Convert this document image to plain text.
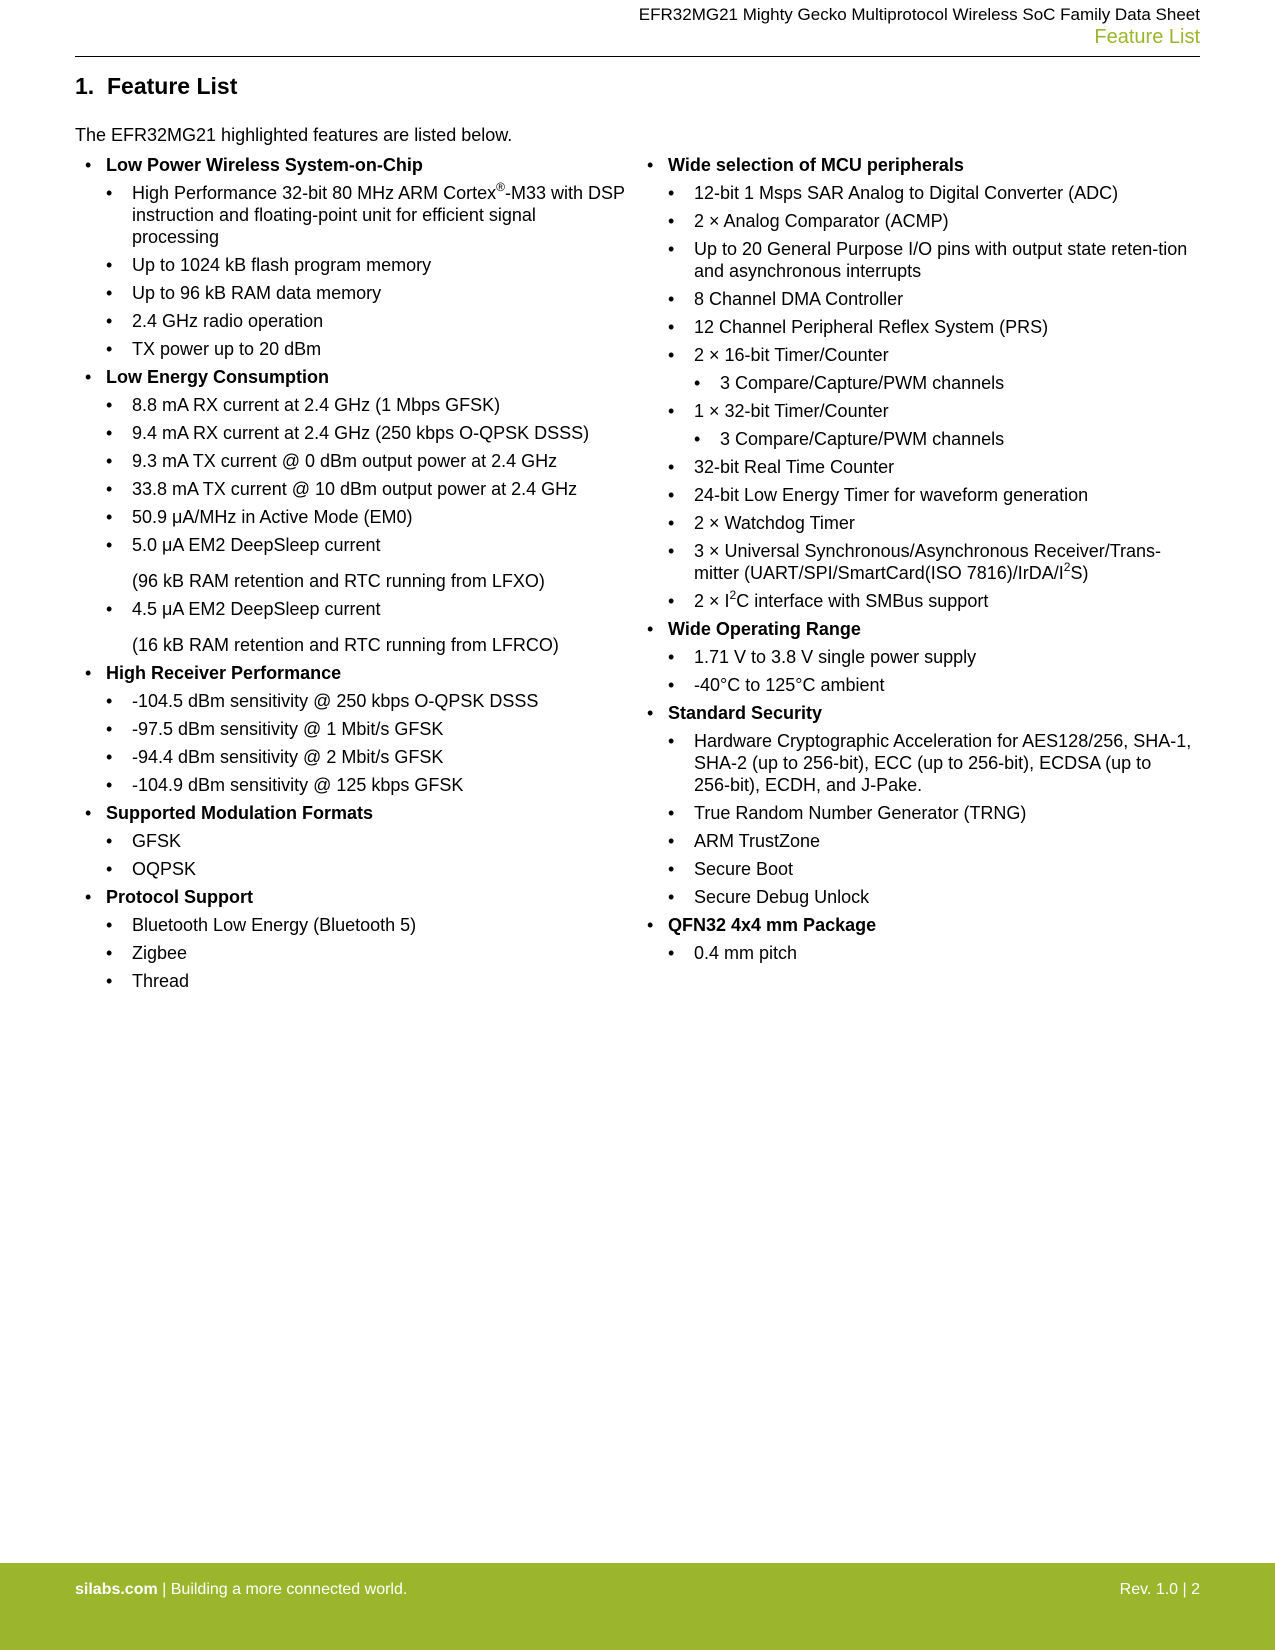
EFR32MG21 Mighty Gecko Multiprotocol Wireless SoC Family Data Sheet
Feature List
1. Feature List
The EFR32MG21 highlighted features are listed below.
• Low Power Wireless System-on-Chip
• High Performance 32-bit 80 MHz ARM Cortex®-M33 with DSP instruction and floating-point unit for efficient signal processing
• Up to 1024 kB flash program memory
• Up to 96 kB RAM data memory
• 2.4 GHz radio operation
• TX power up to 20 dBm
• Low Energy Consumption
• 8.8 mA RX current at 2.4 GHz (1 Mbps GFSK)
• 9.4 mA RX current at 2.4 GHz (250 kbps O-QPSK DSSS)
• 9.3 mA TX current @ 0 dBm output power at 2.4 GHz
• 33.8 mA TX current @ 10 dBm output power at 2.4 GHz
• 50.9 μA/MHz in Active Mode (EM0)
• 5.0 μA EM2 DeepSleep current
(96 kB RAM retention and RTC running from LFXO)
• 4.5 μA EM2 DeepSleep current
(16 kB RAM retention and RTC running from LFRCO)
• High Receiver Performance
• -104.5 dBm sensitivity @ 250 kbps O-QPSK DSSS
• -97.5 dBm sensitivity @ 1 Mbit/s GFSK
• -94.4 dBm sensitivity @ 2 Mbit/s GFSK
• -104.9 dBm sensitivity @ 125 kbps GFSK
• Supported Modulation Formats
• GFSK
• OQPSK
• Protocol Support
• Bluetooth Low Energy (Bluetooth 5)
• Zigbee
• Thread
• Wide selection of MCU peripherals
• 12-bit 1 Msps SAR Analog to Digital Converter (ADC)
• 2 × Analog Comparator (ACMP)
• Up to 20 General Purpose I/O pins with output state reten-tion and asynchronous interrupts
• 8 Channel DMA Controller
• 12 Channel Peripheral Reflex System (PRS)
• 2 × 16-bit Timer/Counter
• 3 Compare/Capture/PWM channels
• 1 × 32-bit Timer/Counter
• 3 Compare/Capture/PWM channels
• 32-bit Real Time Counter
• 24-bit Low Energy Timer for waveform generation
• 2 × Watchdog Timer
• 3 × Universal Synchronous/Asynchronous Receiver/Trans-mitter (UART/SPI/SmartCard(ISO $7816)/IrDA/I^2S$)
• $2 \times I^2C$ interface with SMBus support
• Wide Operating Range
• 1.71 V to 3.8 V single power supply
• -40°C to 125°C ambient
• Standard Security
• Hardware Cryptographic Acceleration for AES128/256, SHA-1, SHA-2 (up to 256-bit), ECC (up to 256-bit), ECDSA (up to 256-bit), ECDH, and J-Pake.
• True Random Number Generator (TRNG)
• ARM TrustZone
• Secure Boot
• Secure Debug Unlock
• QFN32 4x4 mm Package
• 0.4 mm pitch
silabs.com | Building a more connected world.	Rev. 1.0 | 2
